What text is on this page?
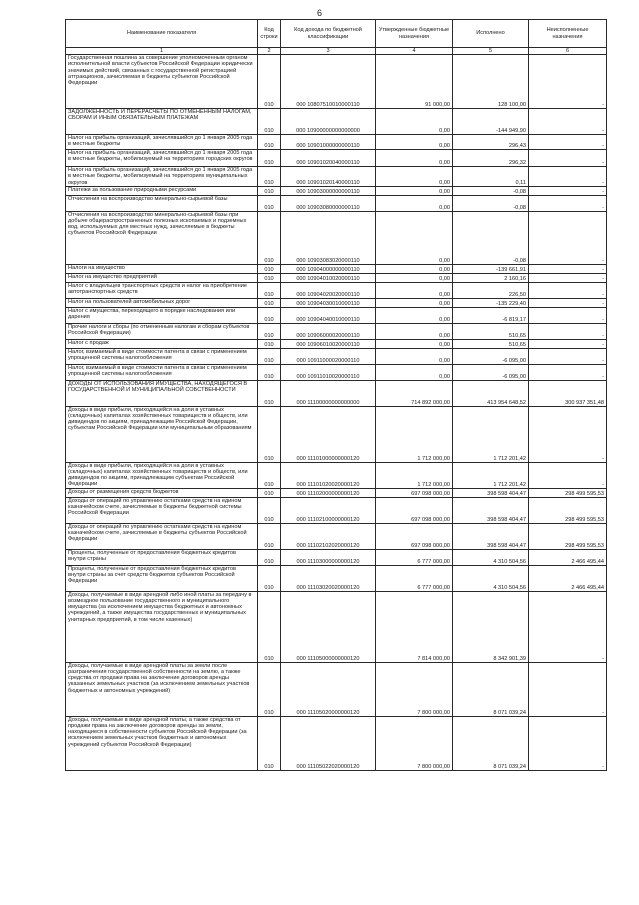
6
Наименование показателя	Код строки	Код дохода по бюджетной классификации	Утвержденные бюджетные назначения	Исполнено	Неисполненные назначения
1	2	3	4	5	6

Государственная пошлина за совершение уполномоченным органом исполнительной власти субъектов Российской Федерации юридически значимых действий, связанных с государственной регистрацией аттракционов, зачисляемая в бюджеты субъектов Российской Федерации	010	000 10807510010000110	91 000,00	128 100,00	-

ЗАДОЛЖЕННОСТЬ И ПЕРЕРАСЧЕТЫ ПО ОТМЕНЕННЫМ НАЛОГАМ, СБОРАМ И ИНЫМ ОБЯЗАТЕЛЬНЫМ ПЛАТЕЖАМ	010	000 10900000000000000	0,00	-144 949,90	-

Налог на прибыль организаций, зачислявшийся до 1 января 2005 года в местные бюджеты	010	000 10901000000000110	0,00	296,43	-

Налог на прибыль организаций, зачислявшийся до 1 января 2005 года в местные бюджеты, мобилизуемый на территориях городских округов	010	000 10901020040000110	0,00	296,32	-

Налог на прибыль организаций, зачислявшийся до 1 января 2005 года в местные бюджеты, мобилизуемый на территориях муниципальных округов	010	000 10901020140000110	0,00	0,11	-

Платежи за пользование природными ресурсами	010	000 10903000000000110	0,00	-0,08	-

Отчисления на воспроизводство минерально-сырьевой базы	010	000 10903080000000110	0,00	-0,08	-

Отчисления на воспроизводство минерально-сырьевой базы при добыче общераспространенных полезных ископаемых и подземных вод, используемых для местных нужд, зачисляемые в бюджеты субъектов Российской Федерации	010	000 10903083020000110	0,00	-0,08	-

Налоги на имущество	010	000 10904000000000110	0,00	-139 661,91	-

Налог на имущество предприятий	010	000 10904010020000110	0,00	2 160,16	-

Налог с владельцев транспортных средств и налог на приобретение автотранспортных средств	010	000 10904020020000110	0,00	226,50	-

Налог на пользователей автомобильных дорог	010	000 10904030010000110	0,00	-135 229,40	-

Налог с имущества, переходящего в порядке наследования или дарения	010	000 10904040010000110	0,00	-6 819,17	-

Прочие налоги и сборы (по отмененным налогам и сборам субъектов Российской Федерации)	010	000 10906000020000110	0,00	510,65	-

Налог с продаж	010	000 10906010020000110	0,00	510,65	-

Налог, взимаемый в виде стоимости патента в связи с применением упрощенной системы налогообложения	010	000 10911000020000110	0,00	-6 095,00	-

Налог, взимаемый в виде стоимости патента в связи с применением упрощенной системы налогообложения	010	000 10911010020000110	0,00	-6 095,00	-

ДОХОДЫ ОТ ИСПОЛЬЗОВАНИЯ ИМУЩЕСТВА, НАХОДЯЩЕГОСЯ В ГОСУДАРСТВЕННОЙ И МУНИЦИПАЛЬНОЙ СОБСТВЕННОСТИ	010	000 11100000000000000	714 892 000,00	413 954 648,52	300 937 351,48

Доходы в виде прибыли, приходящейся на доли в уставных (складочных) капиталах хозяйственных товариществ и обществ, или дивидендов по акциям, принадлежащим Российской Федерации, субъектам Российской Федерации или муниципальным образованиям	010	000 11101000000000120	1 712 000,00	1 712 201,42	-

Доходы в виде прибыли, приходящейся на доли в уставных (складочных) капиталах хозяйственных товариществ и обществ, или дивидендов по акциям, принадлежащим субъектам Российской Федерации	010	000 11101020020000120	1 712 000,00	1 712 201,42	-

Доходы от размещения средств бюджетов	010	000 11102000000000120	697 098 000,00	398 598 404,47	298 499 595,53

Доходы от операций по управлению остатками средств на едином казначейском счете, зачисляемые в бюджеты бюджетной системы Российской Федерации	010	000 11102100000000120	697 098 000,00	398 598 404,47	298 499 595,53

Доходы от операций по управлению остатками средств на едином казначейском счете, зачисляемые в бюджеты субъектов Российской Федерации	010	000 11102102020000120	697 098 000,00	398 598 404,47	298 499 595,53

Проценты, полученные от предоставления бюджетных кредитов внутри страны	010	000 11103000000000120	6 777 000,00	4 310 504,56	2 466 495,44

Проценты, полученные от предоставления бюджетных кредитов внутри страны за счет средств бюджетов субъектов Российской Федерации	010	000 11103020020000120	6 777 000,00	4 310 504,56	2 466 495,44

Доходы, получаемые в виде арендной либо иной платы за передачу в возмездное пользование государственного и муниципального имущества (за исключением имущества бюджетных и автономных учреждений, а также имущества государственных и муниципальных унитарных предприятий, в том числе казенных)	010	000 11105000000000120	7 814 000,00	8 342 901,39	-

Доходы, получаемые в виде арендной платы за земли после разграничения государственной собственности на землю, а также средства от продажи права на заключение договоров аренды указанных земельных участков (за исключением земельных участков бюджетных и автономных учреждений)	010	000 11105020000000120	7 800 000,00	8 071 039,24	-

Доходы, получаемые в виде арендной платы, а также средства от продажи права на заключение договоров аренды за земли, находящиеся в собственности субъектов Российской Федерации (за исключением земельных участков бюджетных и автономных учреждений субъектов Российской Федерации)	010	000 11105022020000120	7 800 000,00	8 071 039,24	-
